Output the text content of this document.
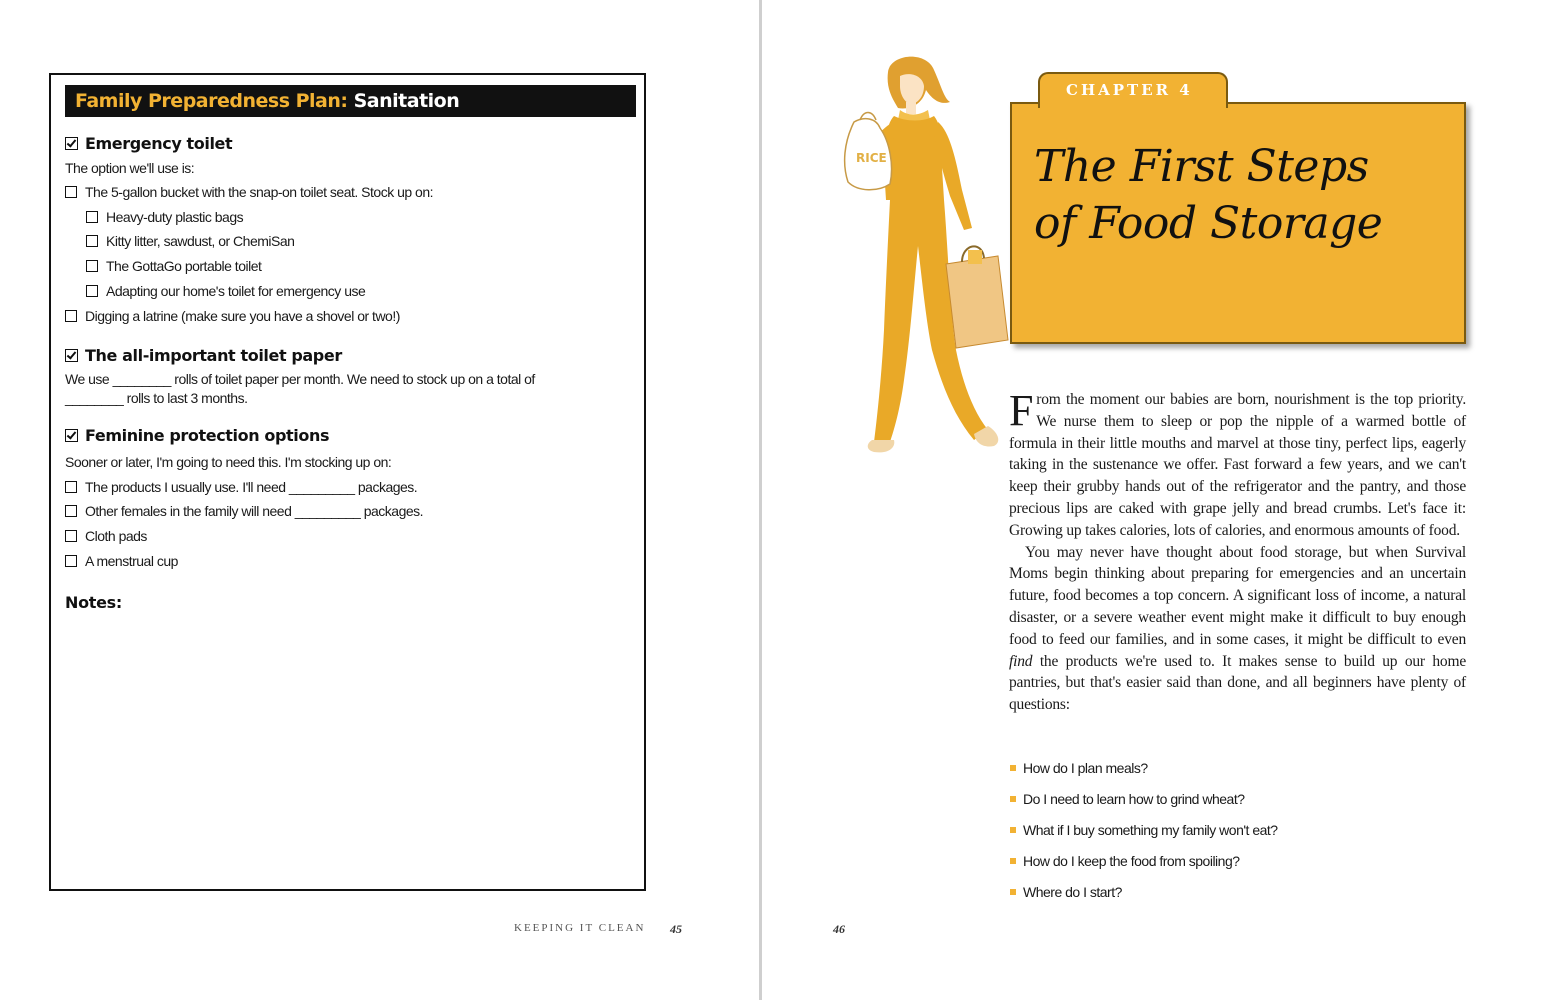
Family Preparedness Plan: Sanitation
Emergency toilet
The option we'll use is:
The 5-gallon bucket with the snap-on toilet seat. Stock up on:
Heavy-duty plastic bags
Kitty litter, sawdust, or ChemiSan
The GottaGo portable toilet
Adapting our home's toilet for emergency use
Digging a latrine (make sure you have a shovel or two!)
The all-important toilet paper
We use ________ rolls of toilet paper per month. We need to stock up on a total of
________ rolls to last 3 months.
Feminine protection options
Sooner or later, I'm going to need this. I'm stocking up on:
The products I usually use. I'll need _________ packages.
Other females in the family will need _________ packages.
Cloth pads
A menstrual cup
Notes:
KEEPING IT CLEAN 45
RICE
CHAPTER 4
The First Steps
of Food Storage

From the moment our babies are born, nourishment is the top priority. We nurse them to sleep or pop the nipple of a warmed bottle of formula in their little mouths and marvel at those tiny, perfect lips, eagerly taking in the sustenance we offer. Fast forward a few years, and we can't keep their grubby hands out of the refrigerator and the pantry, and those precious lips are caked with grape jelly and bread crumbs. Let's face it: Growing up takes calories, lots of calories, and enormous amounts of food.

You may never have thought about food storage, but when Survival Moms begin thinking about preparing for emergencies and an uncertain future, food becomes a top concern. A significant loss of income, a natural disaster, or a severe weather event might make it difficult to buy enough food to feed our families, and in some cases, it might be difficult to even find the products we're used to. It makes sense to build up our home pantries, but that's easier said than done, and all beginners have plenty of questions:

How do I plan meals?
Do I need to learn how to grind wheat?
What if I buy something my family won't eat?
How do I keep the food from spoiling?
Where do I start?
46
